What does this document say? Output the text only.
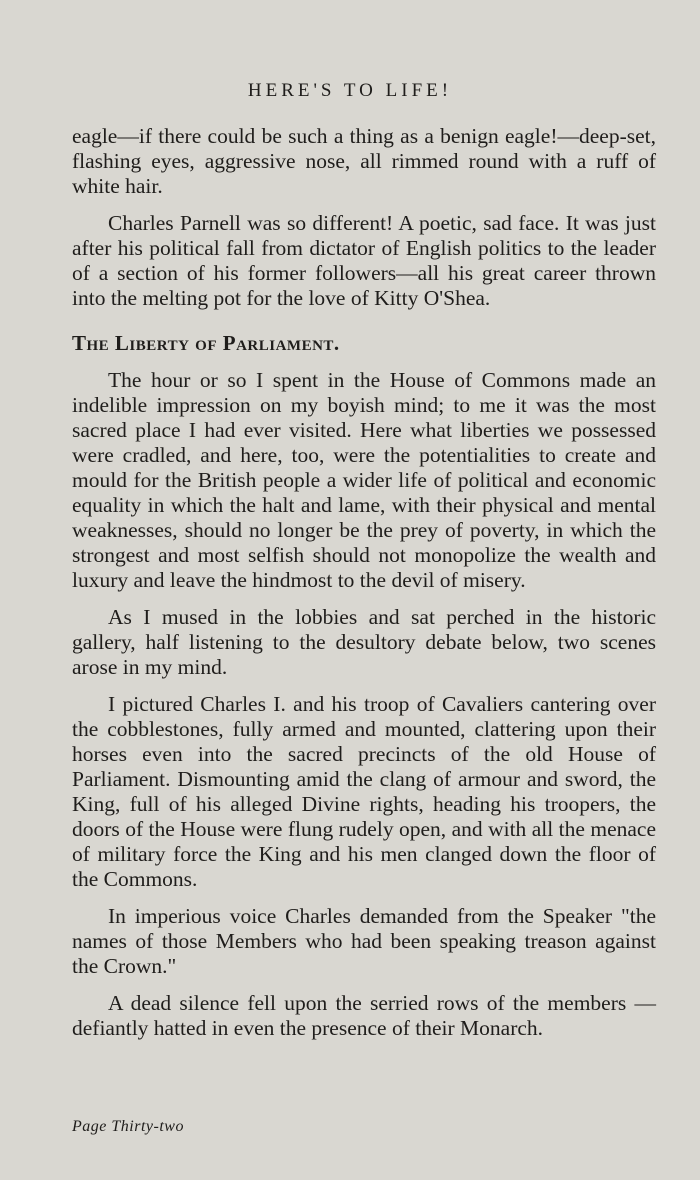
HERE'S TO LIFE!

eagle—if there could be such a thing as a benign eagle!—deep-set, flashing eyes, aggressive nose, all rimmed round with a ruff of white hair.

Charles Parnell was so different! A poetic, sad face. It was just after his political fall from dictator of English politics to the leader of a section of his former followers—all his great career thrown into the melting pot for the love of Kitty O'Shea.

The Liberty of Parliament.

The hour or so I spent in the House of Commons made an indelible impression on my boyish mind; to me it was the most sacred place I had ever visited. Here what liberties we possessed were cradled, and here, too, were the potentialities to create and mould for the British people a wider life of political and economic equality in which the halt and lame, with their physical and mental weaknesses, should no longer be the prey of poverty, in which the strongest and most selfish should not monopolize the wealth and luxury and leave the hindmost to the devil of misery.

As I mused in the lobbies and sat perched in the historic gallery, half listening to the desultory debate below, two scenes arose in my mind.

I pictured Charles I. and his troop of Cavaliers cantering over the cobblestones, fully armed and mounted, clattering upon their horses even into the sacred precincts of the old House of Parliament. Dismounting amid the clang of armour and sword, the King, full of his alleged Divine rights, heading his troopers, the doors of the House were flung rudely open, and with all the menace of military force the King and his men clanged down the floor of the Commons.

In imperious voice Charles demanded from the Speaker "the names of those Members who had been speaking treason against the Crown."

A dead silence fell upon the serried rows of the members —defiantly hatted in even the presence of their Monarch.

Page Thirty-two
